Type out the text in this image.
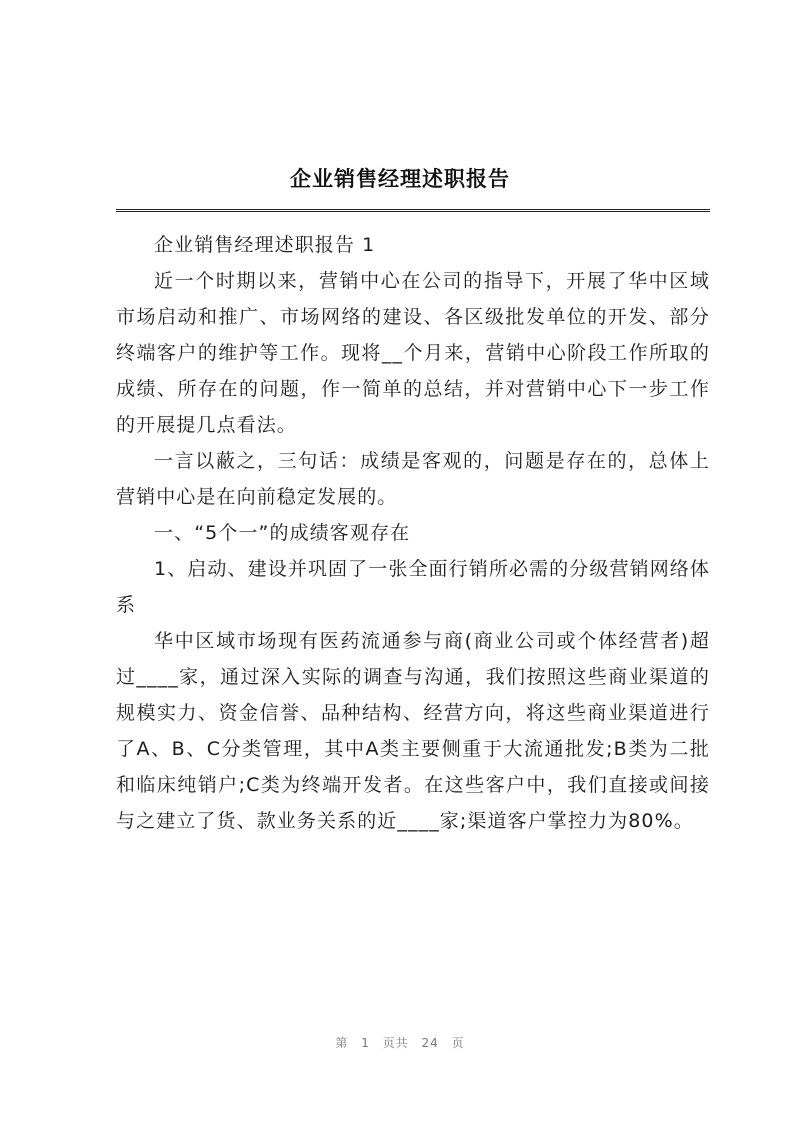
企业销售经理述职报告

企业销售经理述职报告 1

近一个时期以来，营销中心在公司的指导下，开展了华中区域市场启动和推广、市场网络的建设、各区级批发单位的开发、部分终端客户的维护等工作。现将__个月来，营销中心阶段工作所取的成绩、所存在的问题，作一简单的总结，并对营销中心下一步工作的开展提几点看法。

一言以蔽之，三句话：成绩是客观的，问题是存在的，总体上营销中心是在向前稳定发展的。

一、“5个一”的成绩客观存在

1、启动、建设并巩固了一张全面行销所必需的分级营销网络体系

华中区域市场现有医药流通参与商(商业公司或个体经营者)超过____家，通过深入实际的调查与沟通，我们按照这些商业渠道的规模实力、资金信誉、品种结构、经营方向，将这些商业渠道进行了A、B、C分类管理，其中A类主要侧重于大流通批发;B类为二批和临床纯销户;C类为终端开发者。在这些客户中，我们直接或间接与之建立了货、款业务关系的近____家;渠道客户掌控力为80%。

第 1 页共 24 页
